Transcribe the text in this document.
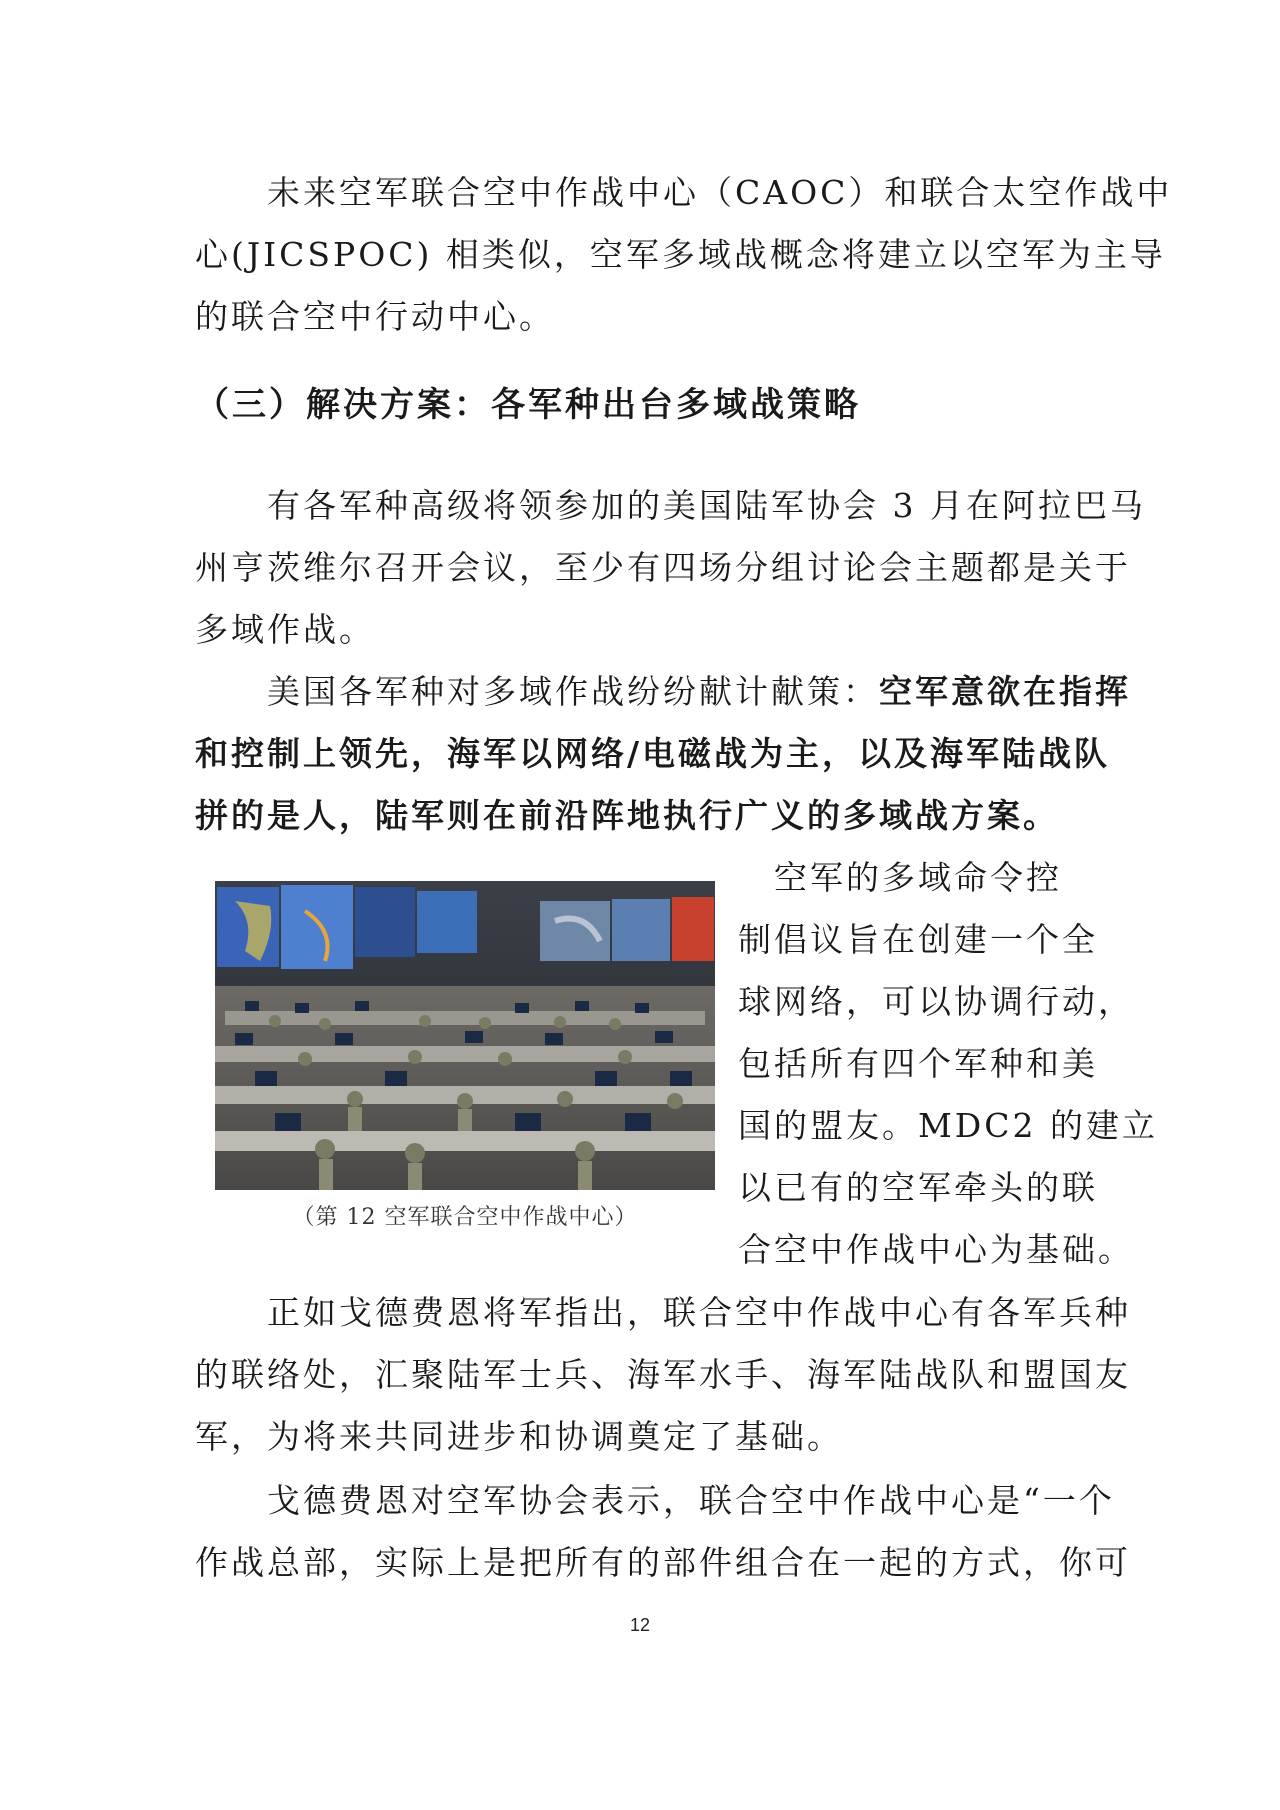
　　未来空军联合空中作战中心（CAOC）和联合太空作战中
心(JICSPOC) 相类似，空军多域战概念将建立以空军为主导
的联合空中行动中心。
（三）解决方案：各军种出台多域战策略
　　有各军种高级将领参加的美国陆军协会 3 月在阿拉巴马
州亨茨维尔召开会议，至少有四场分组讨论会主题都是关于
多域作战。
　　美国各军种对多域作战纷纷献计献策：空军意欲在指挥
和控制上领先，海军以网络/电磁战为主，以及海军陆战队
拼的是人，陆军则在前沿阵地执行广义的多域战方案。
（第 12 空军联合空中作战中心）
　空军的多域命令控
制倡议旨在创建一个全
球网络，可以协调行动，
包括所有四个军种和美
国的盟友。MDC2 的建立
以已有的空军牵头的联
合空中作战中心为基础。
　　正如戈德费恩将军指出，联合空中作战中心有各军兵种
的联络处，汇聚陆军士兵、海军水手、海军陆战队和盟国友
军，为将来共同进步和协调奠定了基础。
　　戈德费恩对空军协会表示，联合空中作战中心是“一个
作战总部，实际上是把所有的部件组合在一起的方式，你可
12
